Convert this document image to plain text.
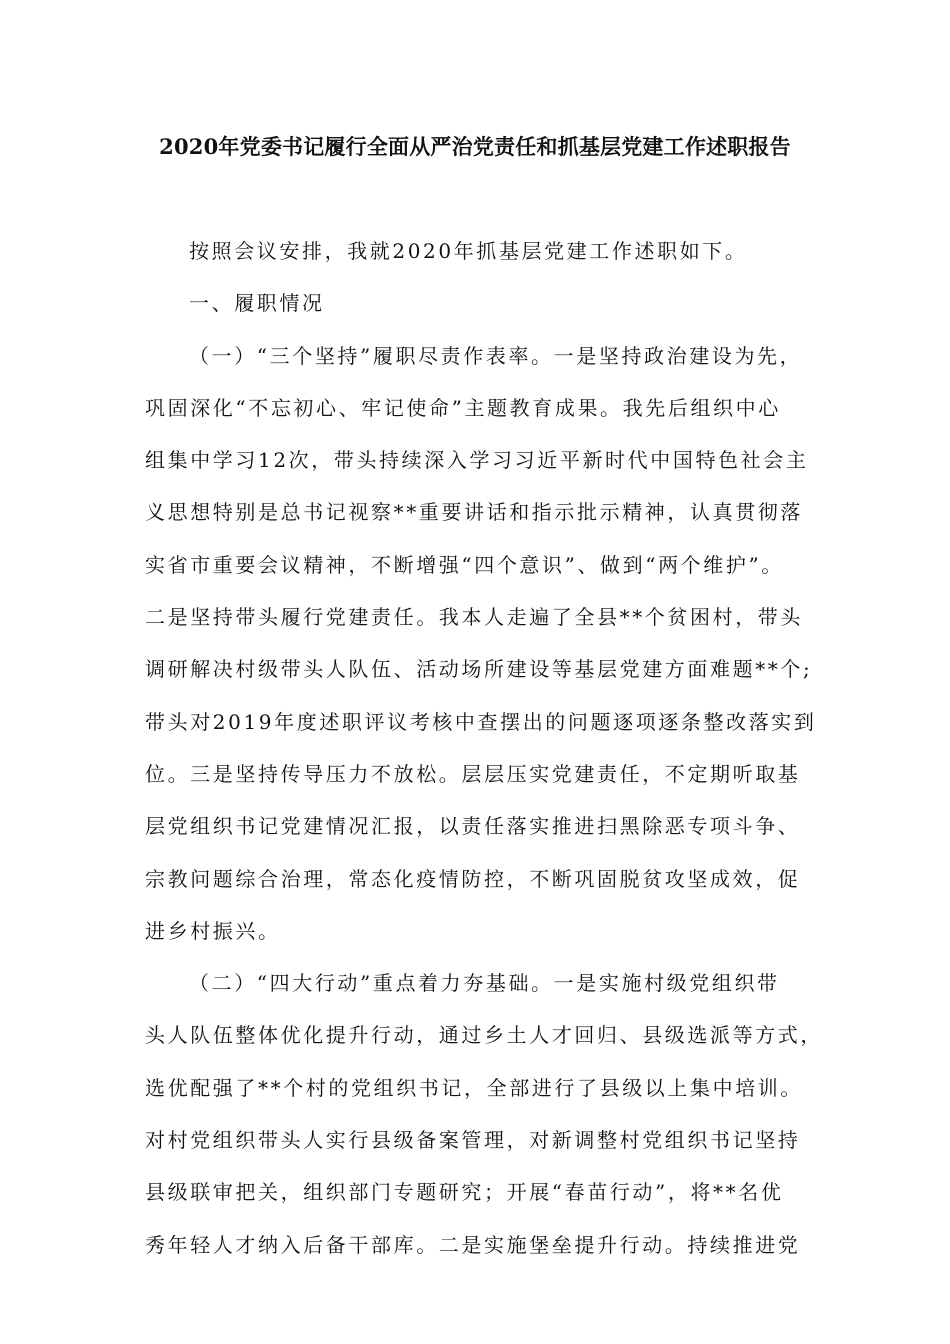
2020年党委书记履行全面从严治党责任和抓基层党建工作述职报告
按照会议安排，我就2020年抓基层党建工作述职如下。
一、履职情况
（一）“三个坚持”履职尽责作表率。一是坚持政治建设为先，
巩固深化“不忘初心、牢记使命”主题教育成果。我先后组织中心
组集中学习12次，带头持续深入学习习近平新时代中国特色社会主
义思想特别是总书记视察**重要讲话和指示批示精神，认真贯彻落
实省市重要会议精神，不断增强“四个意识”、做到“两个维护”。
二是坚持带头履行党建责任。我本人走遍了全县**个贫困村，带头
调研解决村级带头人队伍、活动场所建设等基层党建方面难题**个;
带头对2019年度述职评议考核中查摆出的问题逐项逐条整改落实到
位。三是坚持传导压力不放松。层层压实党建责任，不定期听取基
层党组织书记党建情况汇报，以责任落实推进扫黑除恶专项斗争、
宗教问题综合治理，常态化疫情防控，不断巩固脱贫攻坚成效，促
进乡村振兴。
（二）“四大行动”重点着力夯基础。一是实施村级党组织带
头人队伍整体优化提升行动，通过乡土人才回归、县级选派等方式，
选优配强了**个村的党组织书记，全部进行了县级以上集中培训。
对村党组织带头人实行县级备案管理，对新调整村党组织书记坚持
县级联审把关，组织部门专题研究；开展“春苗行动”，将**名优
秀年轻人才纳入后备干部库。二是实施堡垒提升行动。持续推进党
